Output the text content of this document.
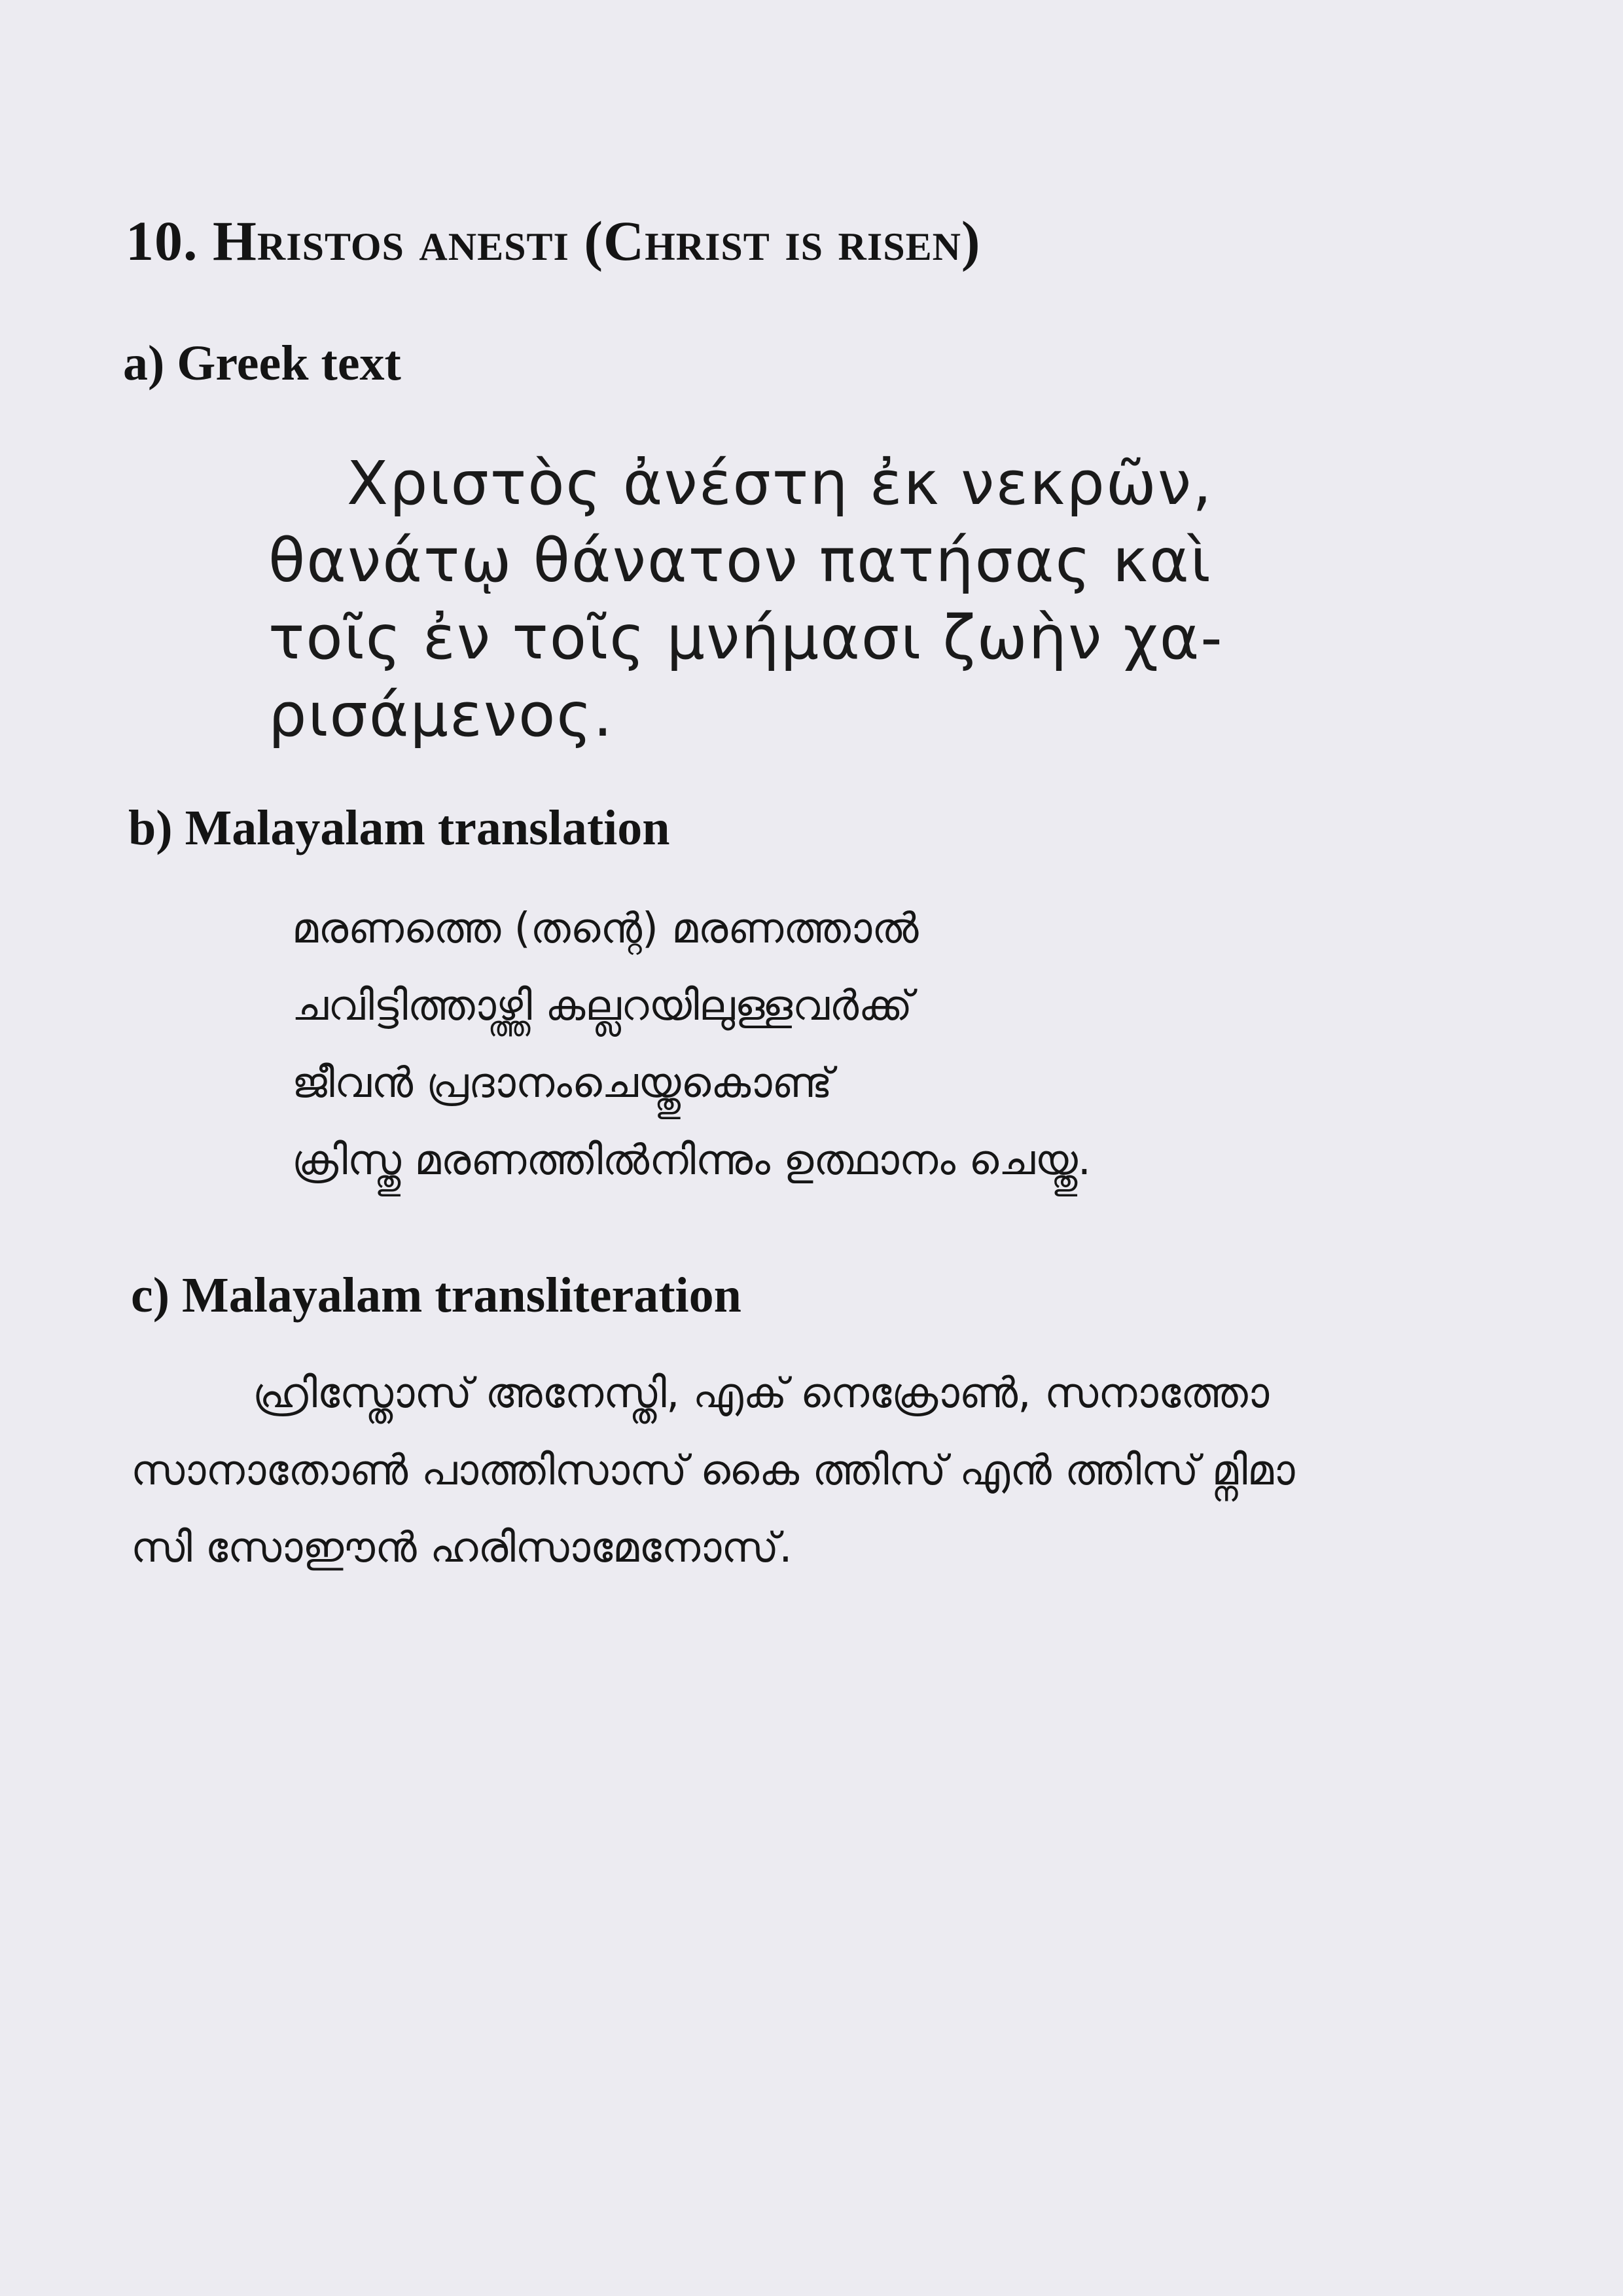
10. Hristos anesti (Christ is risen)
a) Greek text
Χριστὸς ἀνέστη ἐκ νεκρῶν,
θανάτῳ θάνατον πατήσας καὶ
τοῖς ἐν τοῖς μνήμασι ζωὴν χα-
ρισάμενος.
b) Malayalam translation
മരണത്തെ (തന്റെ) മരണത്താൽ
ചവിട്ടിത്താഴ്ത്തി കല്ലറയിലുള്ളവർക്ക്
ജീവൻ പ്രദാനംചെയ്തുകൊണ്ട്
ക്രിസ്തു മരണത്തിൽനിന്നും ഉത്ഥാനം ചെയ്തു.
c) Malayalam transliteration
ഹ്രിസ്തോസ് അനേസ്തി, എക് നെക്രോൺ, സനാത്തോ
സാനാതോൺ പാത്തിസാസ് കൈ ത്തിസ് എൻ ത്തിസ് മ്നിമാ
സി സോഈൻ ഹരിസാമേനോസ്.
